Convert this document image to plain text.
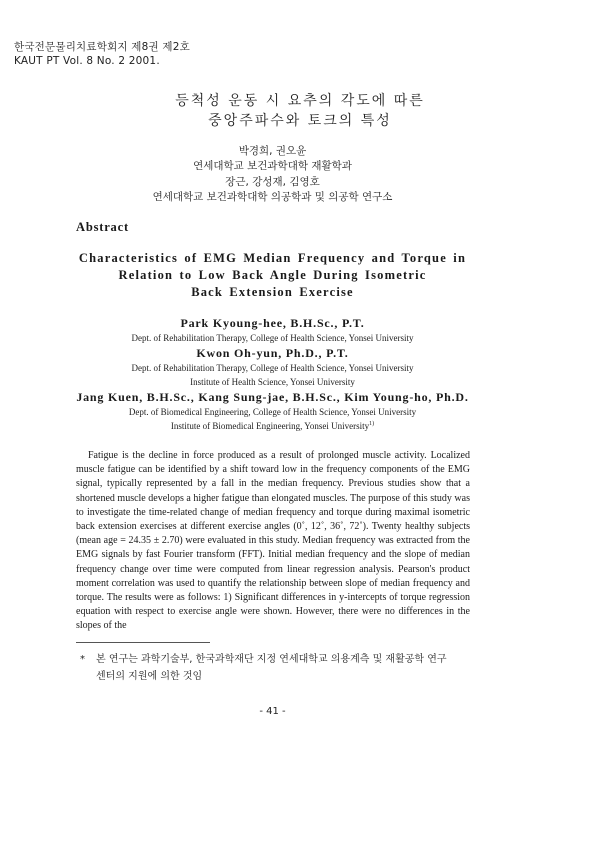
한국전문물리치료학회지 제8권 제2호
KAUT PT Vol. 8 No. 2 2001.
등척성 운동 시 요추의 각도에 따른
중앙주파수와 토크의 특성
박경희, 권오윤
연세대학교 보건과학대학 재활학과
장근, 강성재, 김영호
연세대학교 보건과학대학 의공학과 및 의공학 연구소
Abstract
Characteristics of EMG Median Frequency and Torque in
Relation to Low Back Angle During Isometric
Back Extension Exercise
Park Kyoung-hee, B.H.Sc., P.T.
Dept. of Rehabilitation Therapy, College of Health Science, Yonsei University
Kwon Oh-yun, Ph.D., P.T.
Dept. of Rehabilitation Therapy, College of Health Science, Yonsei University
Institute of Health Science, Yonsei University
Jang Kuen, B.H.Sc., Kang Sung-jae, B.H.Sc., Kim Young-ho, Ph.D.
Dept. of Biomedical Engineering, College of Health Science, Yonsei University
Institute of Biomedical Engineering, Yonsei University$^{1)}$

Fatigue is the decline in force produced as a result of prolonged muscle activity. Localized muscle fatigue can be identified by a shift toward low in the frequency components of the EMG signal, typically represented by a fall in the median frequency. Previous studies show that a shortened muscle develops a higher fatigue than elongated muscles. The purpose of this study was to investigate the time-related change of median frequency and torque during maximal isometric back extension exercises at different exercise angles (0˚, 12˚, 36˚, 72˚). Twenty healthy subjects (mean age = 24.35 ± 2.70) were evaluated in this study. Median frequency was extracted from the EMG signals by fast Fourier transform (FFT). Initial median frequency and the slope of median frequency change over time were computed from linear regression analysis. Pearson's product moment correlation was used to quantify the relationship between slope of median frequency and torque. The results were as follows: 1) Significant differences in y-intercepts of torque regression equation with respect to exercise angle were shown. However, there were no differences in the slopes of the

* 본 연구는 과학기술부, 한국과학재단 지정 연세대학교 의용계측 및 재활공학 연구
센터의 지원에 의한 것임
- 41 -
